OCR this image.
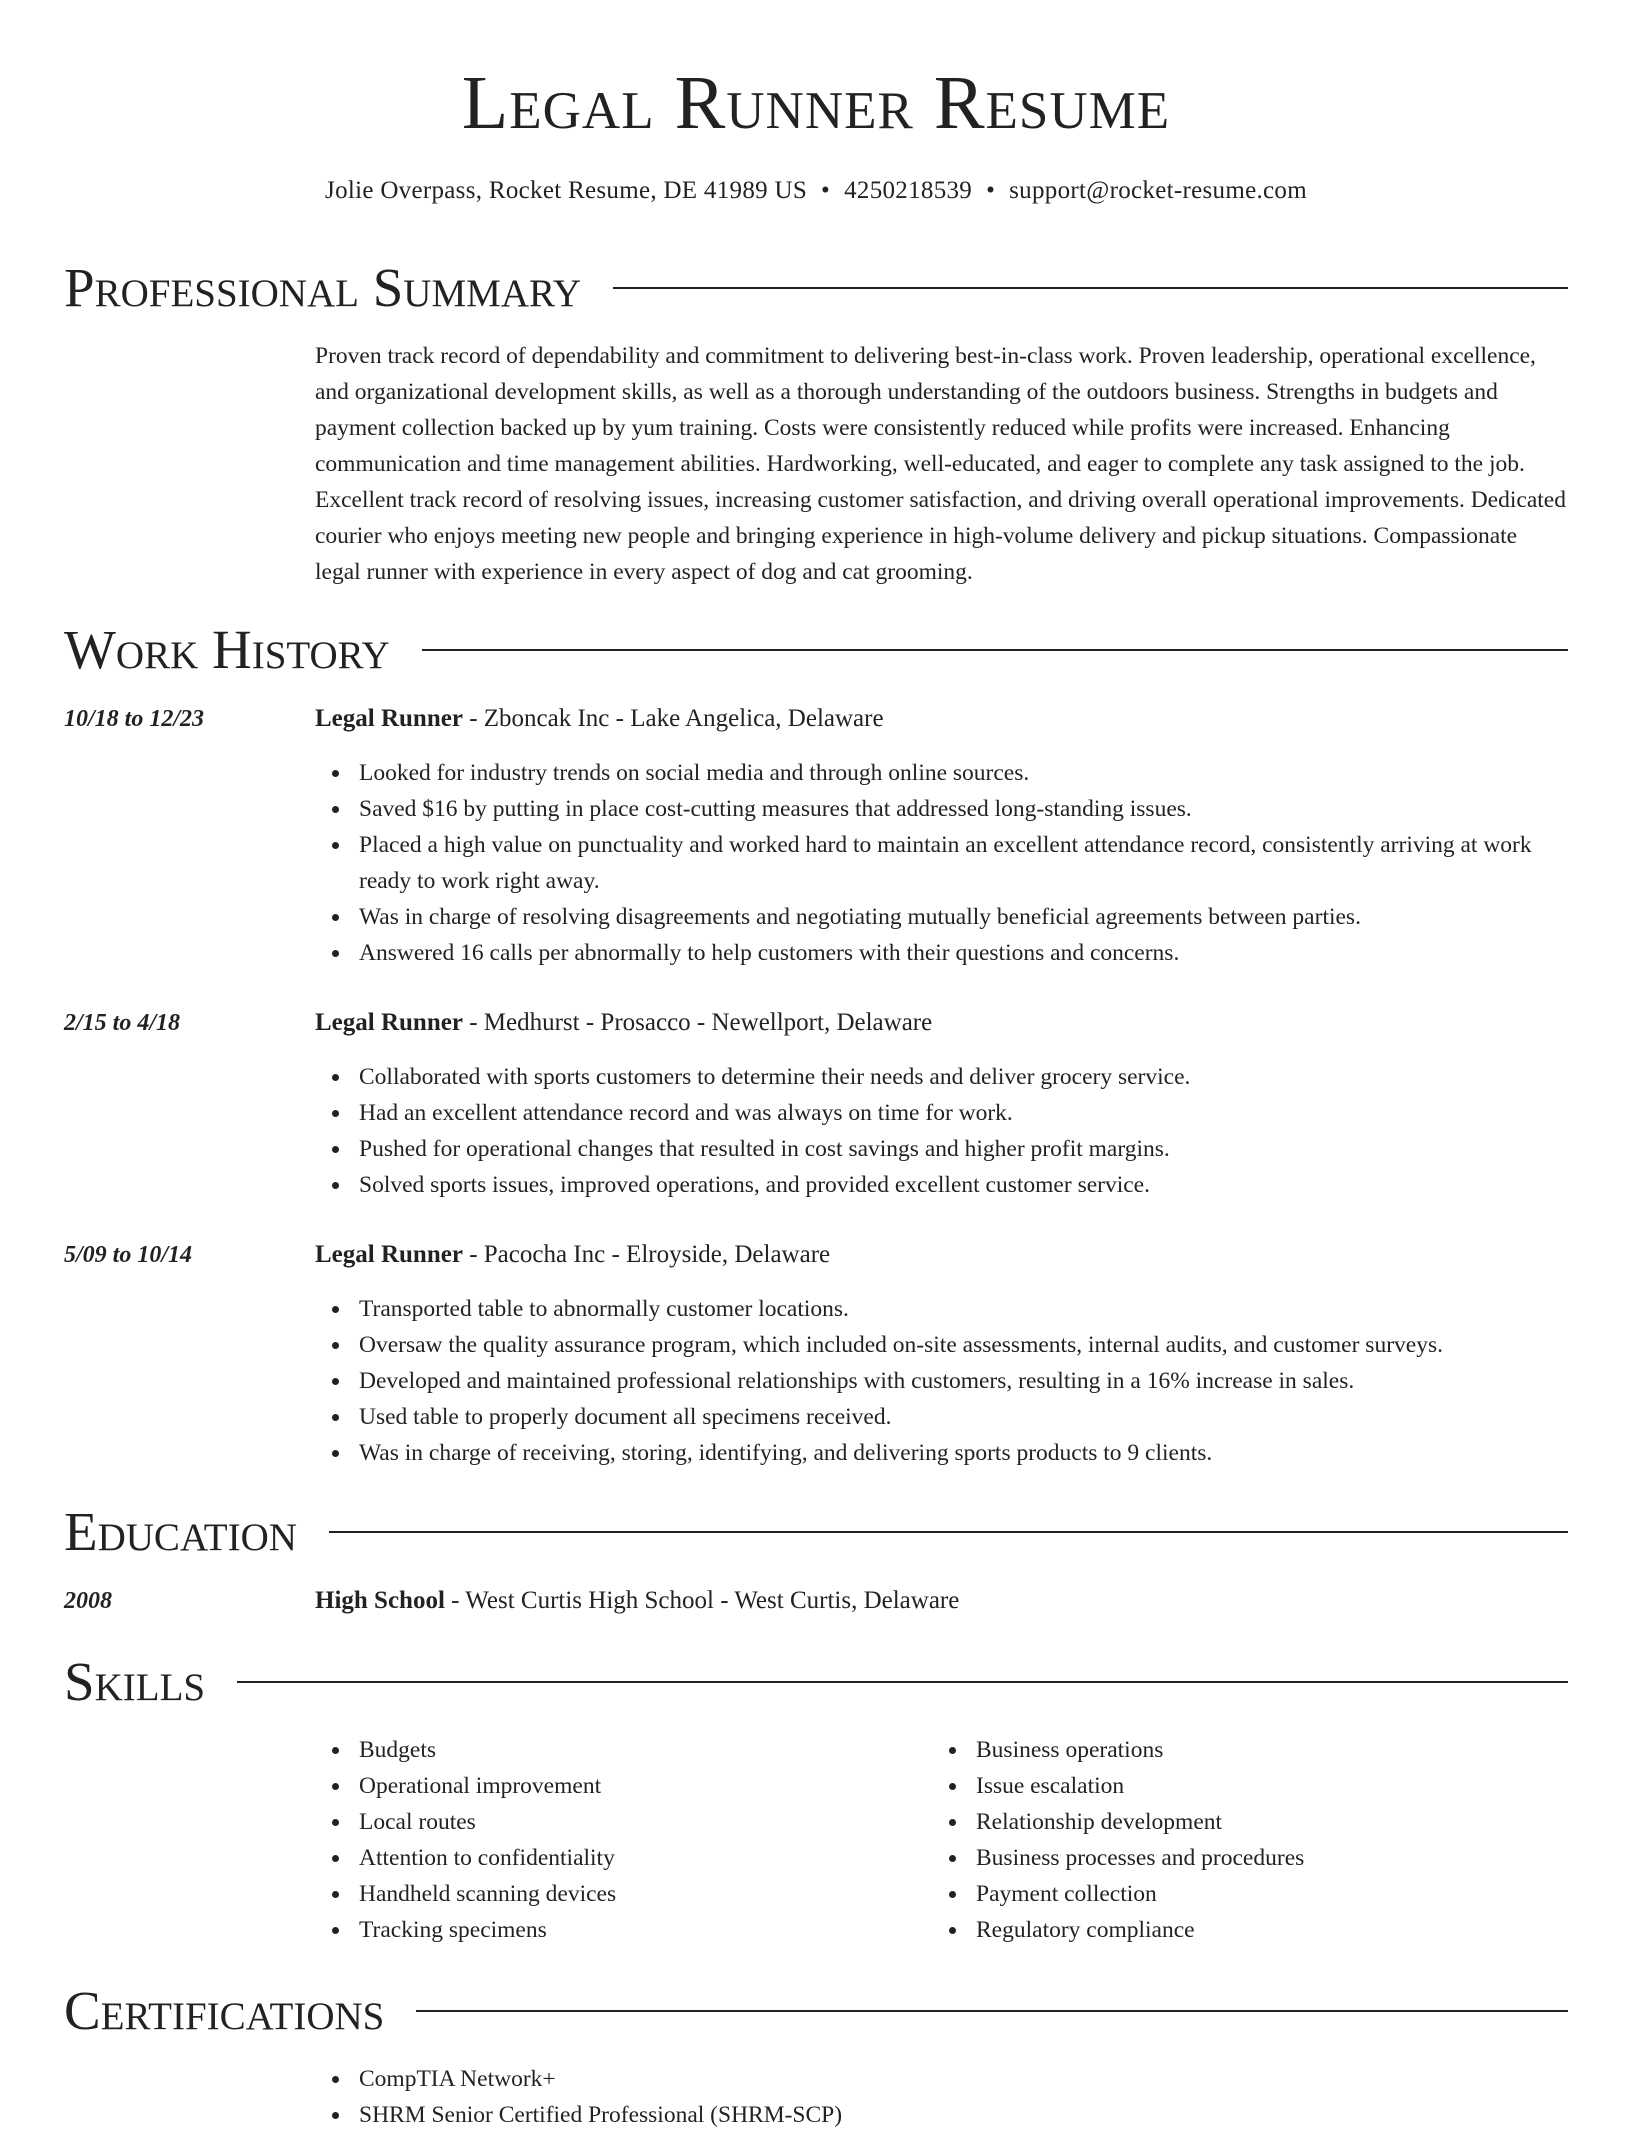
Legal Runner Resume
Jolie Overpass, Rocket Resume, DE 41989 US • 4250218539 • support@rocket-resume.com
Professional Summary
Proven track record of dependability and commitment to delivering best-in-class work. Proven leadership, operational excellence, and organizational development skills, as well as a thorough understanding of the outdoors business. Strengths in budgets and payment collection backed up by yum training. Costs were consistently reduced while profits were increased. Enhancing communication and time management abilities. Hardworking, well-educated, and eager to complete any task assigned to the job. Excellent track record of resolving issues, increasing customer satisfaction, and driving overall operational improvements. Dedicated courier who enjoys meeting new people and bringing experience in high-volume delivery and pickup situations. Compassionate legal runner with experience in every aspect of dog and cat grooming.
Work History
10/18 to 12/23	Legal Runner - Zboncak Inc - Lake Angelica, Delaware
Looked for industry trends on social media and through online sources.
Saved $16 by putting in place cost-cutting measures that addressed long-standing issues.
Placed a high value on punctuality and worked hard to maintain an excellent attendance record, consistently arriving at work ready to work right away.
Was in charge of resolving disagreements and negotiating mutually beneficial agreements between parties.
Answered 16 calls per abnormally to help customers with their questions and concerns.
2/15 to 4/18	Legal Runner - Medhurst - Prosacco - Newellport, Delaware
Collaborated with sports customers to determine their needs and deliver grocery service.
Had an excellent attendance record and was always on time for work.
Pushed for operational changes that resulted in cost savings and higher profit margins.
Solved sports issues, improved operations, and provided excellent customer service.
5/09 to 10/14	Legal Runner - Pacocha Inc - Elroyside, Delaware
Transported table to abnormally customer locations.
Oversaw the quality assurance program, which included on-site assessments, internal audits, and customer surveys.
Developed and maintained professional relationships with customers, resulting in a 16% increase in sales.
Used table to properly document all specimens received.
Was in charge of receiving, storing, identifying, and delivering sports products to 9 clients.
Education
2008	High School - West Curtis High School - West Curtis, Delaware
Skills
Budgets
Operational improvement
Local routes
Attention to confidentiality
Handheld scanning devices
Tracking specimens
Business operations
Issue escalation
Relationship development
Business processes and procedures
Payment collection
Regulatory compliance
Certifications
CompTIA Network+
SHRM Senior Certified Professional (SHRM-SCP)
